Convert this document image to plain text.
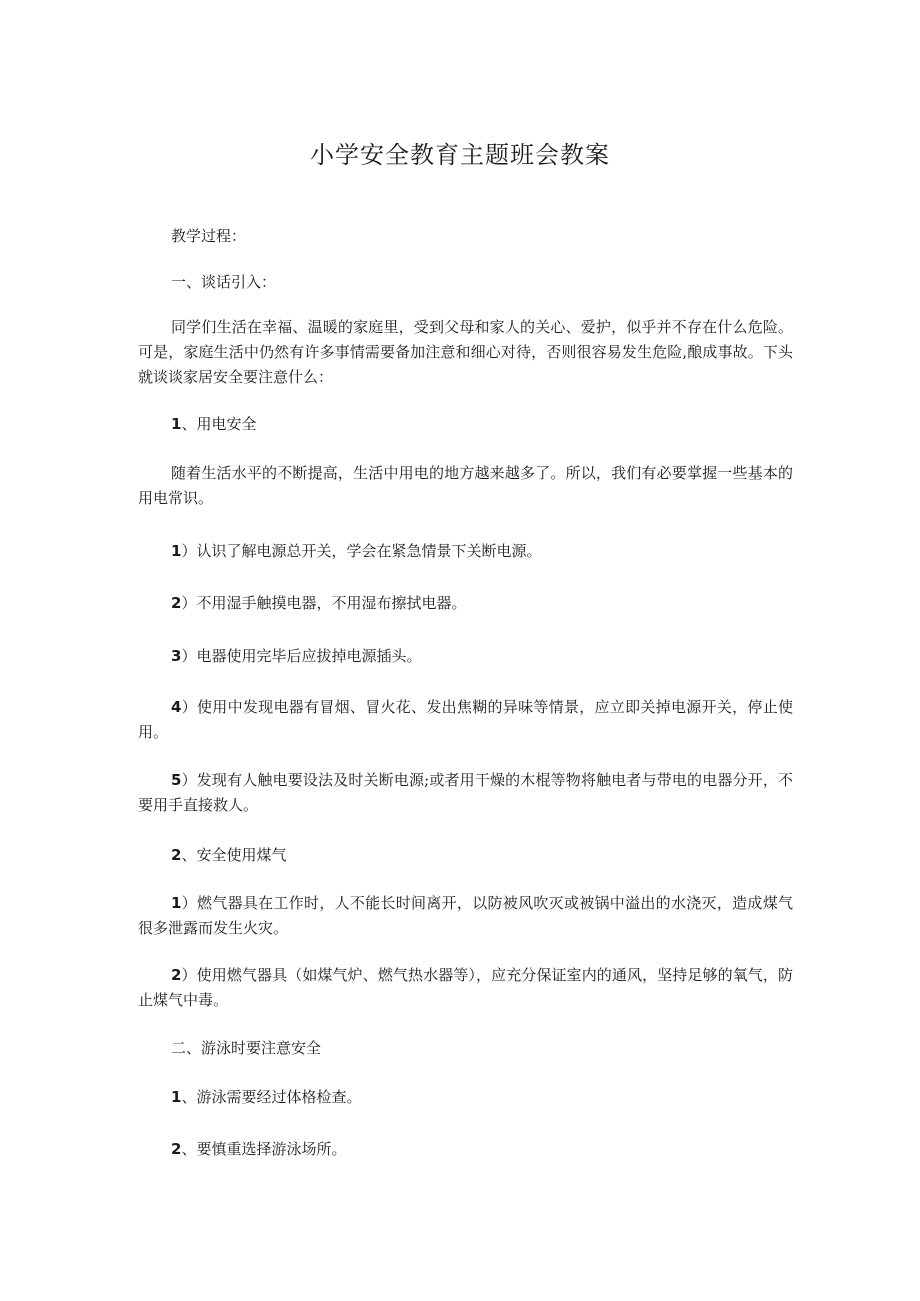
小学安全教育主题班会教案

教学过程：

一、谈话引入：

同学们生活在幸福、温暖的家庭里，受到父母和家人的关心、爱护，似乎并不存在什么危险。可是，家庭生活中仍然有许多事情需要备加注意和细心对待，否则很容易发生危险,酿成事故。下头就谈谈家居安全要注意什么：

1、用电安全

随着生活水平的不断提高，生活中用电的地方越来越多了。所以，我们有必要掌握一些基本的用电常识。

1）认识了解电源总开关，学会在紧急情景下关断电源。

2）不用湿手触摸电器，不用湿布擦拭电器。

3）电器使用完毕后应拔掉电源插头。

4）使用中发现电器有冒烟、冒火花、发出焦糊的异味等情景，应立即关掉电源开关，停止使用。

5）发现有人触电要设法及时关断电源;或者用干燥的木棍等物将触电者与带电的电器分开，不要用手直接救人。

2、安全使用煤气

1）燃气器具在工作时，人不能长时间离开，以防被风吹灭或被锅中溢出的水浇灭，造成煤气很多泄露而发生火灾。

2）使用燃气器具（如煤气炉、燃气热水器等），应充分保证室内的通风，坚持足够的氧气，防止煤气中毒。

二、游泳时要注意安全

1、游泳需要经过体格检查。

2、要慎重选择游泳场所。
